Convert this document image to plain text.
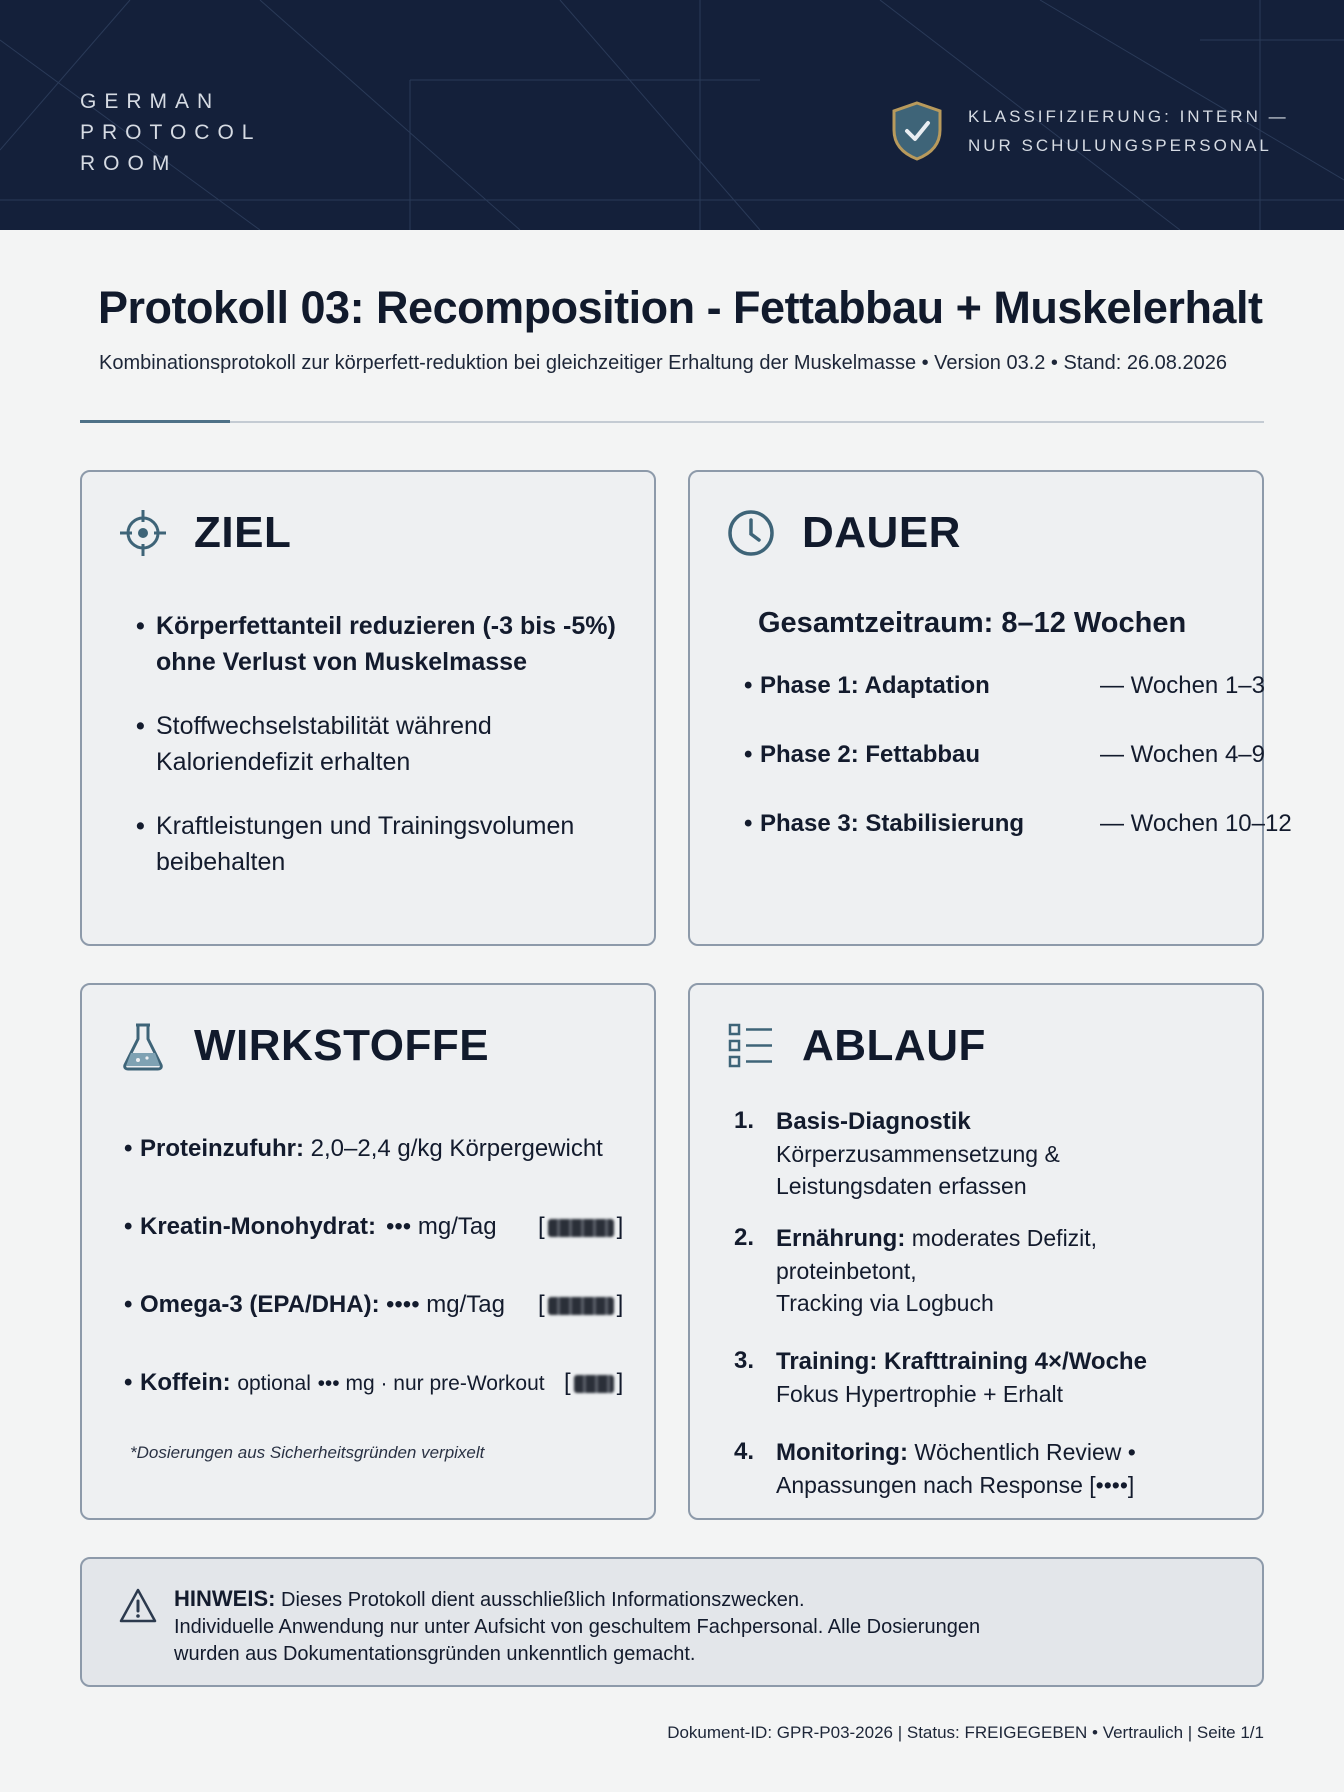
GERMAN
PROTOCOL
ROOM
KLASSIFIZIERUNG: INTERN —
NUR SCHULUNGSPERSONAL
Protokoll 03: Recomposition - Fettabbau + Muskelerhalt
Kombinationsprotokoll zur körperfett-reduktion bei gleichzeitiger Erhaltung der Muskelmasse • Version 03.2 • Stand: 26.08.2026
ZIEL
• Körperfettanteil reduzieren (-3 bis -5%) ohne Verlust von Muskelmasse
• Stoffwechselstabilität während Kaloriendefizit erhalten
• Kraftleistungen und Trainingsvolumen beibehalten
DAUER
Gesamtzeitraum: 8–12 Wochen
• Phase 1: Adaptation	— Wochen 1–3
• Phase 2: Fettabbau	— Wochen 4–9
• Phase 3: Stabilisierung	— Wochen 10–12
WIRKSTOFFE
• Proteinzufuhr: 2,0–2,4 g/kg Körpergewicht
• Kreatin-Monohydrat: ••• mg/Tag [	]
• Omega-3 (EPA/DHA): •••• mg/Tag [	]
• Koffein: optional ••• mg · nur pre-Workout [ ]
*Dosierungen aus Sicherheitsgründen verpixelt
ABLAUF
1. Basis-Diagnostik
Körperzusammensetzung & Leistungsdaten erfassen
2. Ernährung: moderates Defizit, proteinbetont,
Tracking via Logbuch
3. Training: Krafttraining 4×/Woche
Fokus Hypertrophie + Erhalt
4. Monitoring: Wöchentlich Review •
Anpassungen nach Response [••••]
HINWEIS: Dieses Protokoll dient ausschließlich Informationszwecken.
Individuelle Anwendung nur unter Aufsicht von geschultem Fachpersonal. Alle Dosierungen wurden aus Dokumentationsgründen unkenntlich gemacht.
Dokument-ID: GPR-P03-2026 | Status: FREIGEGEBEN • Vertraulich | Seite 1/1
